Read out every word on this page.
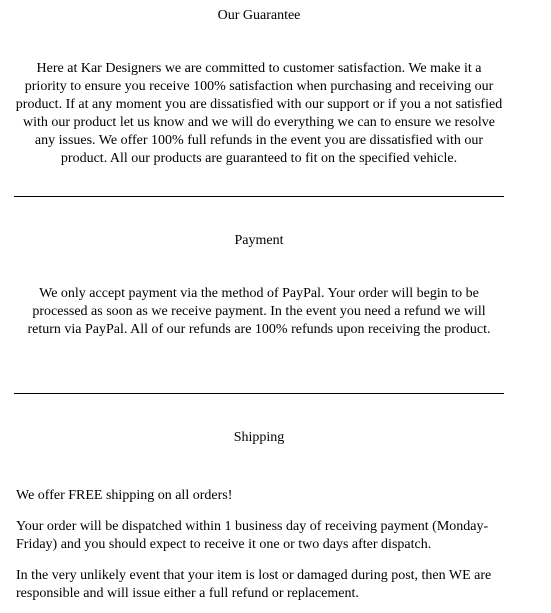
Our Guarantee

Here at Kar Designers we are committed to customer satisfaction. We make it a priority to ensure you receive 100% satisfaction when purchasing and receiving our product. If at any moment you are dissatisfied with our support or if you a not satisfied with our product let us know and we will do everything we can to ensure we resolve any issues. We offer 100% full refunds in the event you are dissatisfied with our product. All our products are guaranteed to fit on the specified vehicle.

Payment

We only accept payment via the method of PayPal. Your order will begin to be processed as soon as we receive payment. In the event you need a refund we will return via PayPal. All of our refunds are 100% refunds upon receiving the product.

Shipping

We offer FREE shipping on all orders!

Your order will be dispatched within 1 business day of receiving payment (Monday-Friday) and you should expect to receive it one or two days after dispatch.

In the very unlikely event that your item is lost or damaged during post, then WE are responsible and will issue either a full refund or replacement.
